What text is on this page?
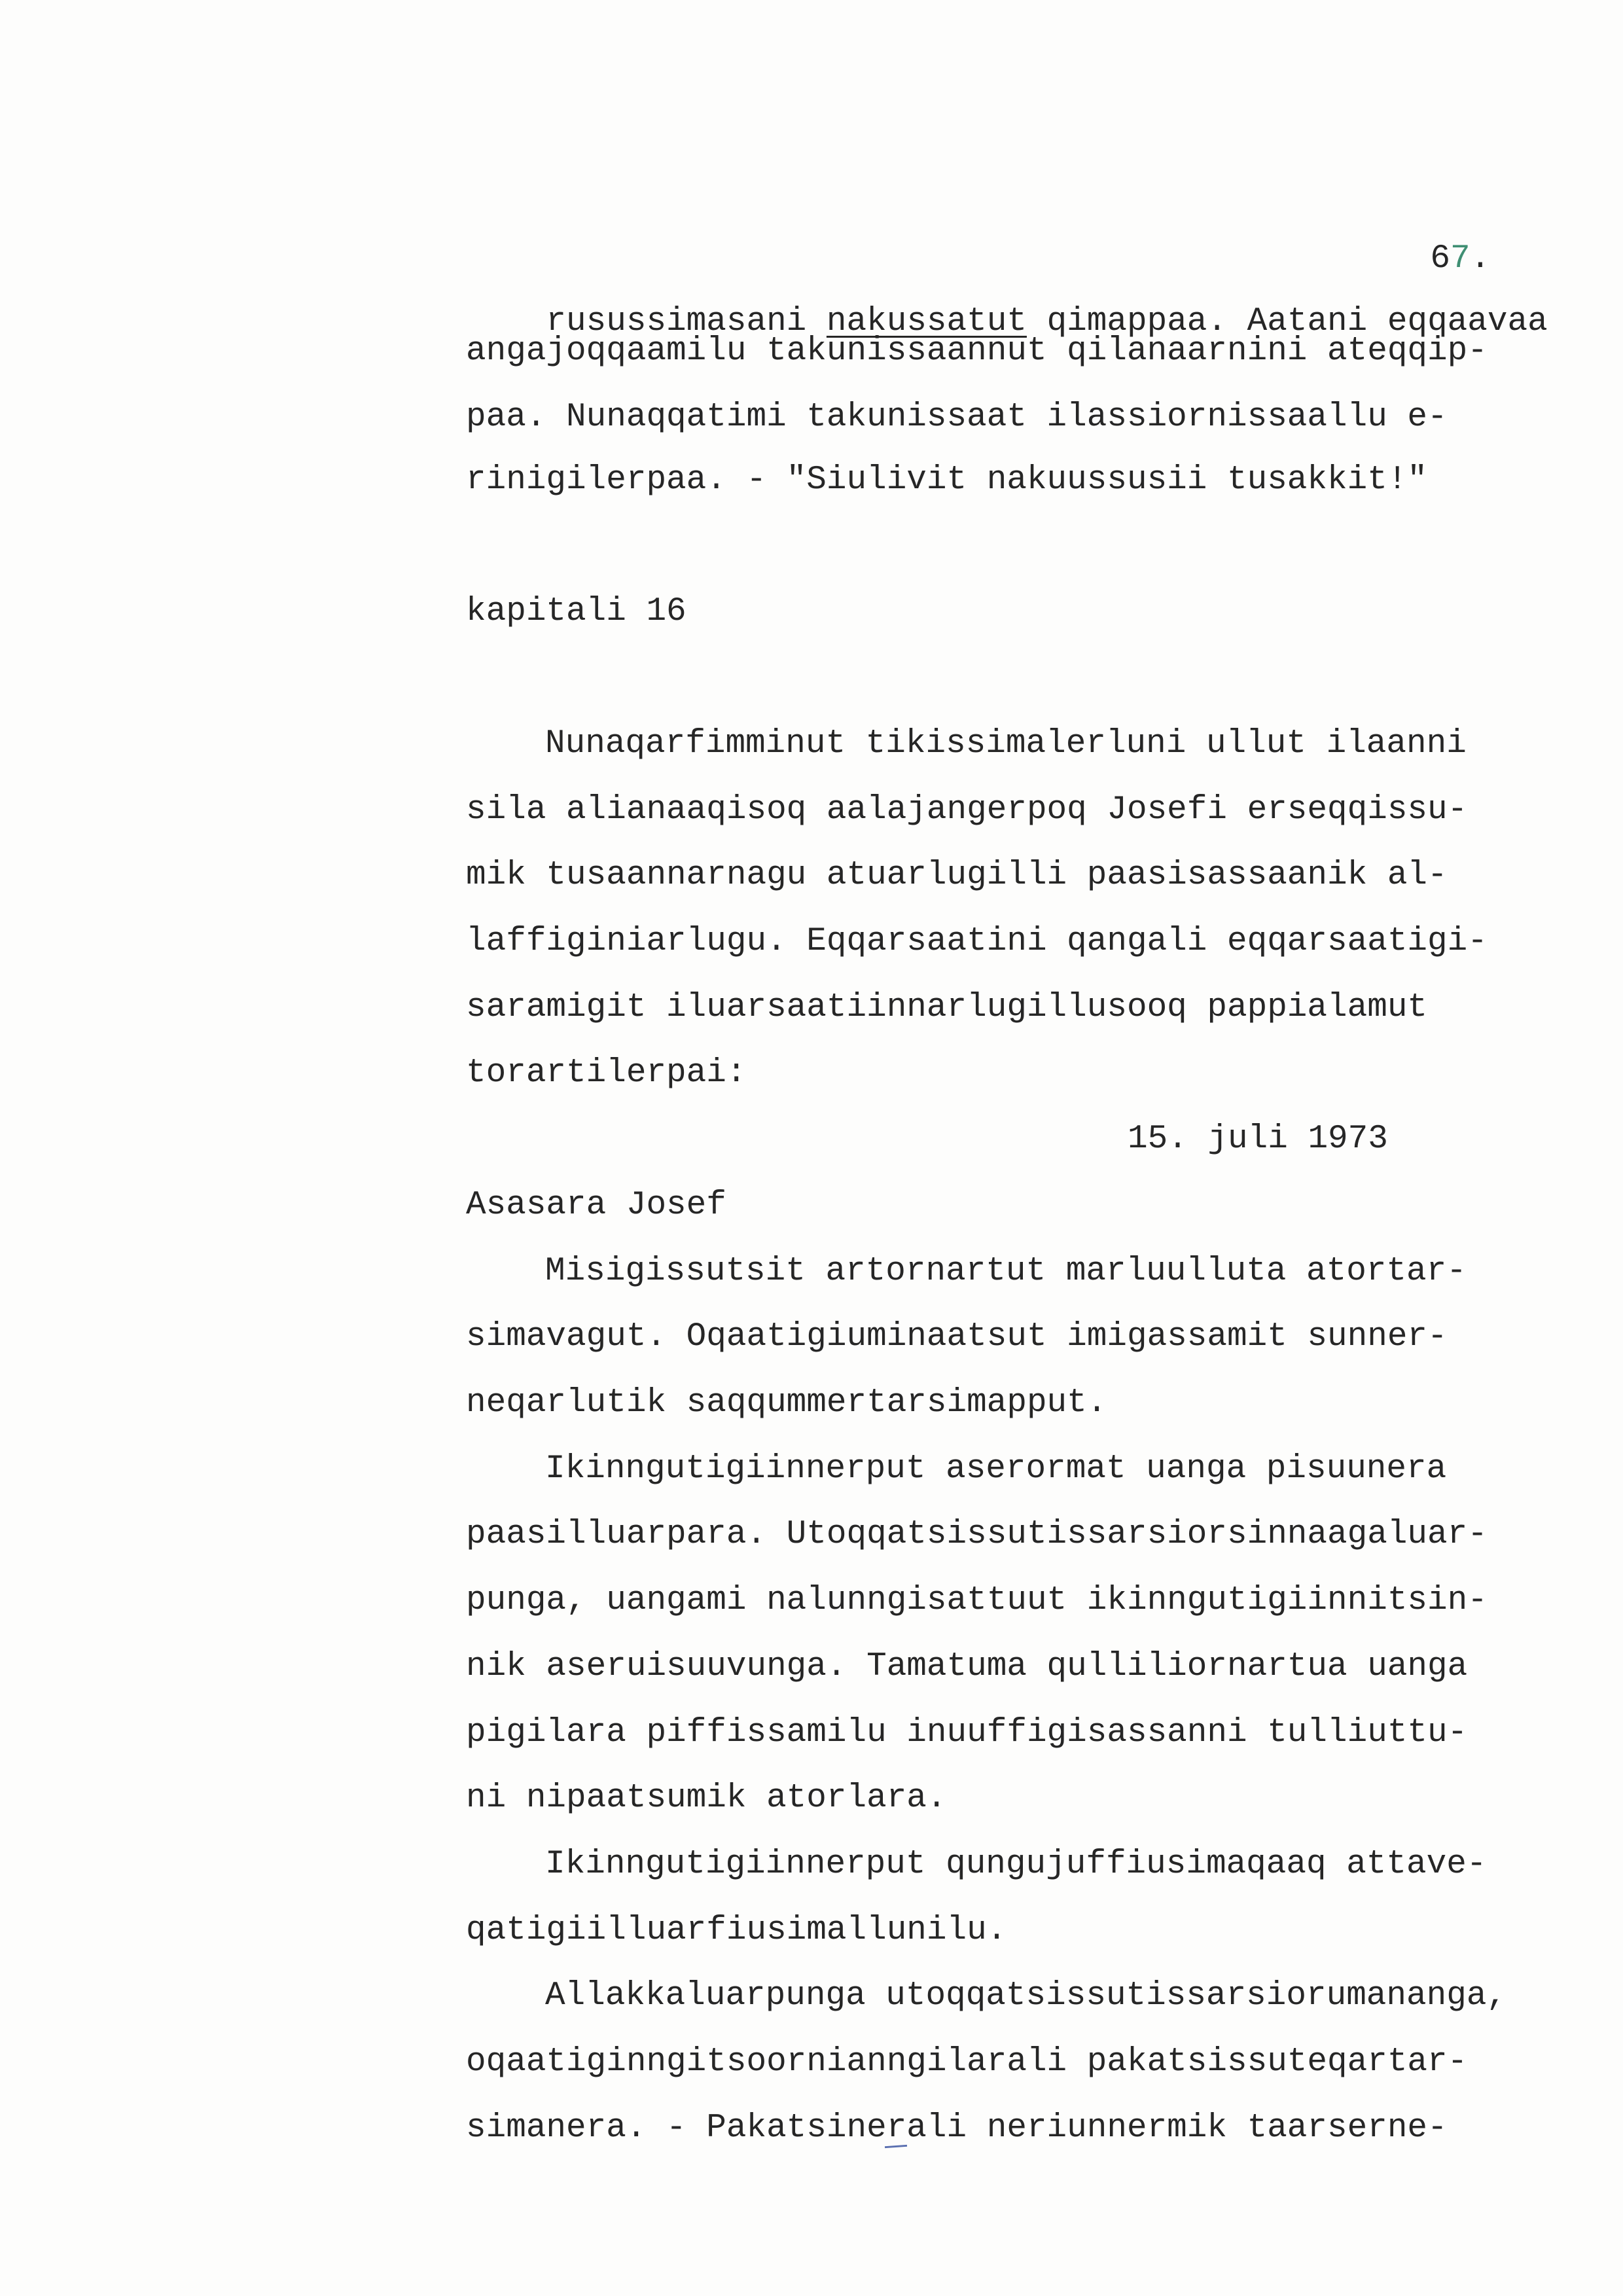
67.

rusussimasani nakussatut qimappaa. Aatani eqqaavaa

angajoqqaamilu takunissaannut qilanaarnini ateqqip-
paa. Nunaqqatimi takunissaat ilassiornissaallu e-
rinigilerpaa. - "Siulivit nakuussusii tusakkit!"
kapitali 16
Nunaqarfimminut tikissimalerluni ullut ilaanni
sila alianaaqisoq aalajangerpoq Josefi erseqqissu-
mik tusaannarnagu atuarlugilli paasisassaanik al-
laffiginiarlugu. Eqqarsaatini qangali eqqarsaatigi-
saramigit iluarsaatiinnarlugillusooq pappialamut
torartilerpai:
15. juli 1973
Asasara Josef
Misigissutsit artornartut marluulluta atortar-
simavagut. Oqaatigiuminaatsut imigassamit sunner-
neqarlutik saqqummertarsimapput.
Ikinngutigiinnerput aserormat uanga pisuunera
paasilluarpara. Utoqqatsissutissarsiorsinnaagaluar-
punga, uangami nalunngisattuut ikinngutigiinnitsin-
nik aseruisuuvunga. Tamatuma qulliliornartua uanga
pigilara piffissamilu inuuffigisassanni tulliuttu-
ni nipaatsumik atorlara.
Ikinngutigiinnerput qungujuffiusimaqaaq attave-
qatigiilluarfiusimallunilu.
Allakkaluarpunga utoqqatsissutissarsiorumananga,
oqaatiginngitsoornianngilarali pakatsissuteqartar-
simanera. - Pakatsinerali neriunnermik taarserne-
